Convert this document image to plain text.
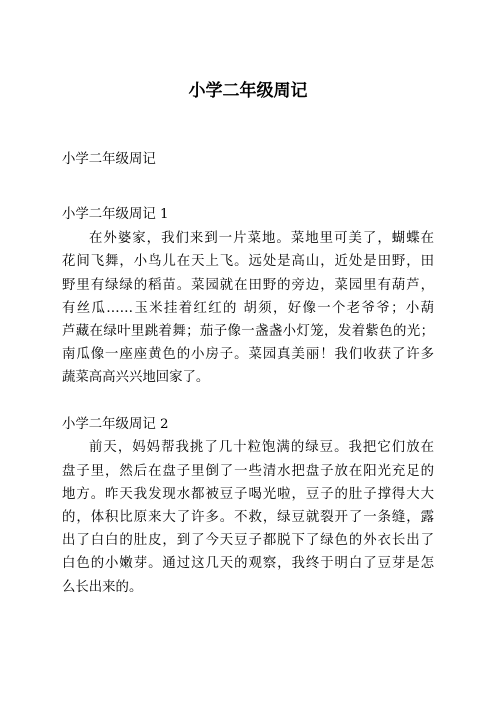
小学二年级周记
小学二年级周记
小学二年级周记 1
在外婆家，我们来到一片菜地。菜地里可美了，蝴蝶在
花间飞舞，小鸟儿在天上飞。远处是高山，近处是田野，田
野里有绿绿的稻苗。菜园就在田野的旁边，菜园里有葫芦，
有丝瓜……玉米挂着红红的 胡须，好像一个老爷爷；小葫
芦藏在绿叶里跳着舞；茄子像一盏盏小灯笼，发着紫色的光；
南瓜像一座座黄色的小房子。菜园真美丽！我们收获了许多
蔬菜高高兴兴地回家了。
小学二年级周记 2
前天，妈妈帮我挑了几十粒饱满的绿豆。我把它们放在
盘子里，然后在盘子里倒了一些清水把盘子放在阳光充足的
地方。昨天我发现水都被豆子喝光啦，豆子的肚子撑得大大
的，体积比原来大了许多。不救，绿豆就裂开了一条缝，露
出了白白的肚皮，到了今天豆子都脱下了绿色的外衣长出了
白色的小嫩芽。通过这几天的观察，我终于明白了豆芽是怎
么长出来的。
